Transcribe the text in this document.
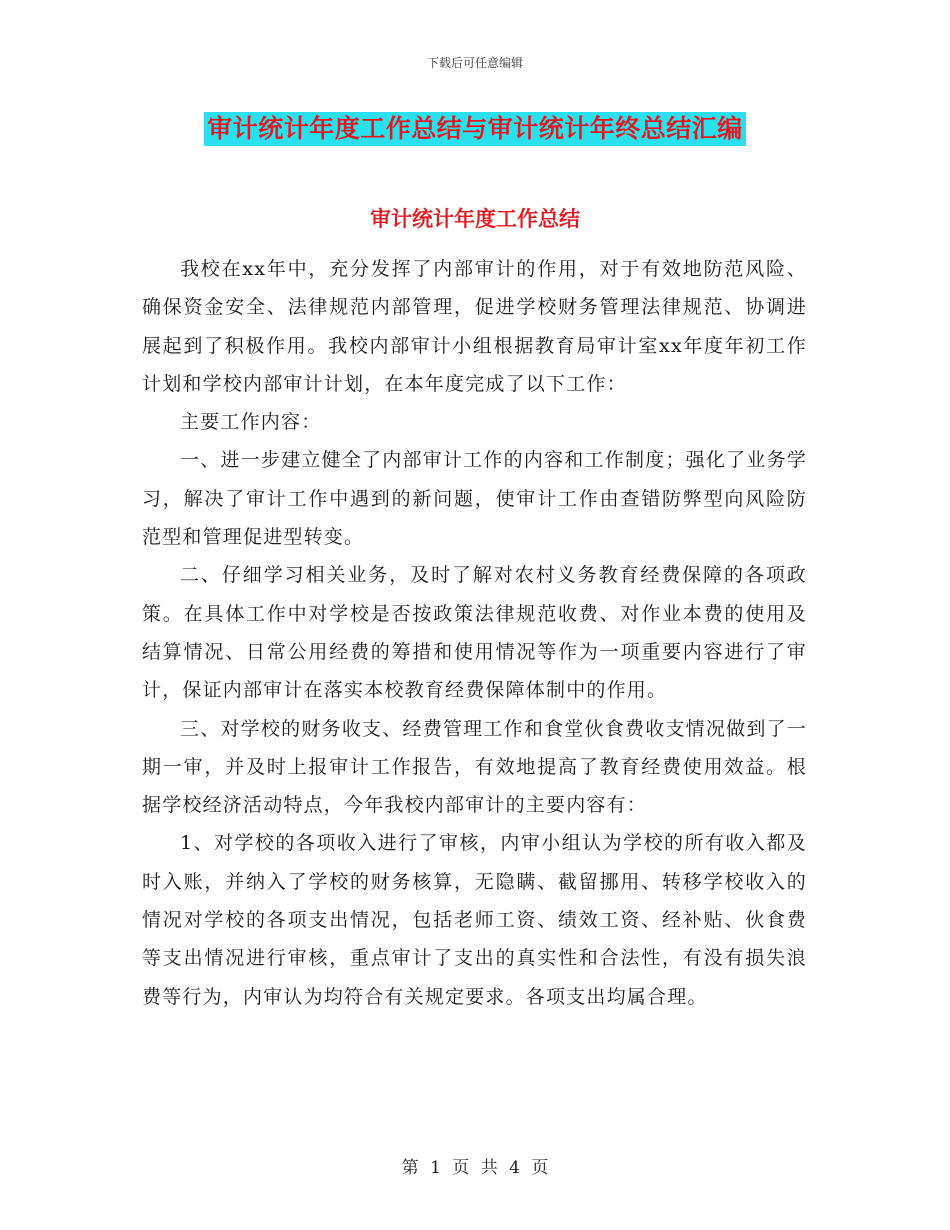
下载后可任意编辑
审计统计年度工作总结与审计统计年终总结汇编
审计统计年度工作总结

我校在xx年中，充分发挥了内部审计的作用，对于有效地防范风险、确保资金安全、法律规范内部管理，促进学校财务管理法律规范、协调进展起到了积极作用。我校内部审计小组根据教育局审计室xx年度年初工作计划和学校内部审计计划，在本年度完成了以下工作：

主要工作内容：

一、进一步建立健全了内部审计工作的内容和工作制度；强化了业务学习，解决了审计工作中遇到的新问题，使审计工作由查错防弊型向风险防范型和管理促进型转变。

二、仔细学习相关业务，及时了解对农村义务教育经费保障的各项政策。在具体工作中对学校是否按政策法律规范收费、对作业本费的使用及结算情况、日常公用经费的筹措和使用情况等作为一项重要内容进行了审计，保证内部审计在落实本校教育经费保障体制中的作用。

三、对学校的财务收支、经费管理工作和食堂伙食费收支情况做到了一期一审，并及时上报审计工作报告，有效地提高了教育经费使用效益。根据学校经济活动特点，今年我校内部审计的主要内容有：

1、对学校的各项收入进行了审核，内审小组认为学校的所有收入都及时入账，并纳入了学校的财务核算，无隐瞒、截留挪用、转移学校收入的情况对学校的各项支出情况，包括老师工资、绩效工资、经补贴、伙食费等支出情况进行审核，重点审计了支出的真实性和合法性，有没有损失浪费等行为，内审认为均符合有关规定要求。各项支出均属合理。

第 1 页 共 4 页
